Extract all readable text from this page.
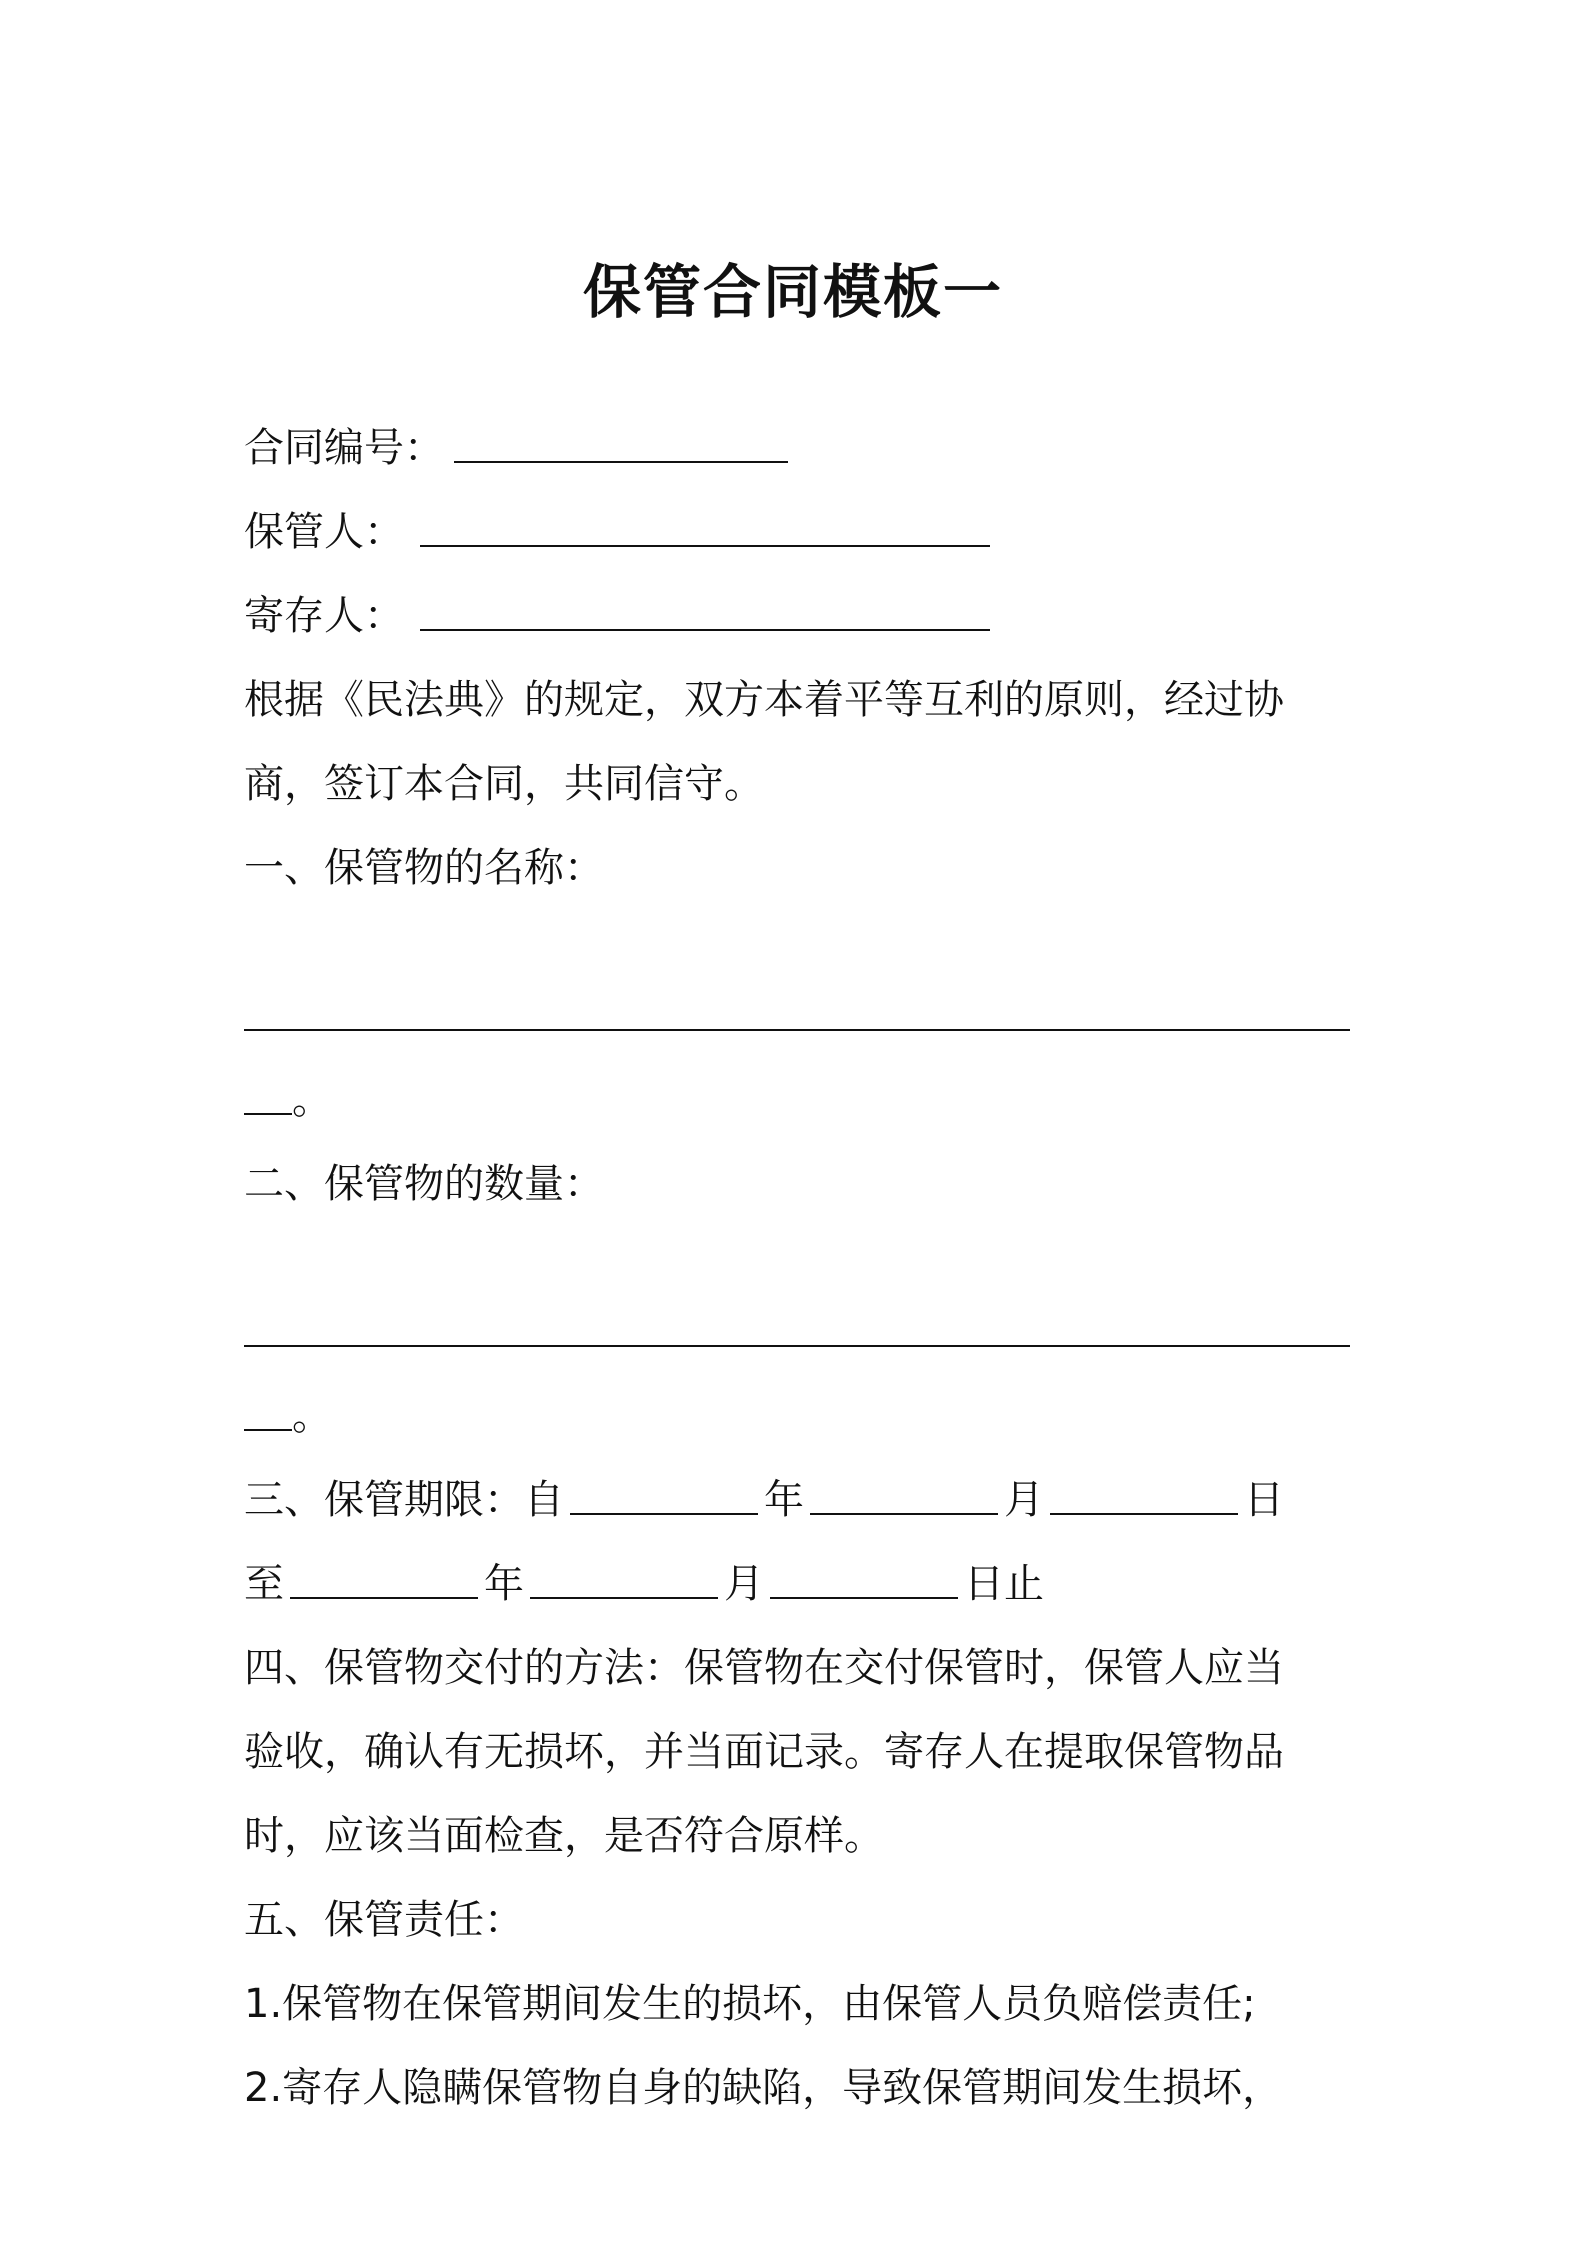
保管合同模板一

合同编号：

保管人：

寄存人：

根据《民法典》的规定，双方本着平等互利的原则，经过协

商，签订本合同，共同信守。

一、保管物的名称：

。

二、保管物的数量：

。

三、保管期限：自	年	月	日

至	年	月	日止

四、保管物交付的方法：保管物在交付保管时，保管人应当

验收，确认有无损坏，并当面记录。寄存人在提取保管物品

时，应该当面检查，是否符合原样。

五、保管责任：

1.保管物在保管期间发生的损坏，由保管人员负赔偿责任;

2.寄存人隐瞒保管物自身的缺陷，导致保管期间发生损坏，
